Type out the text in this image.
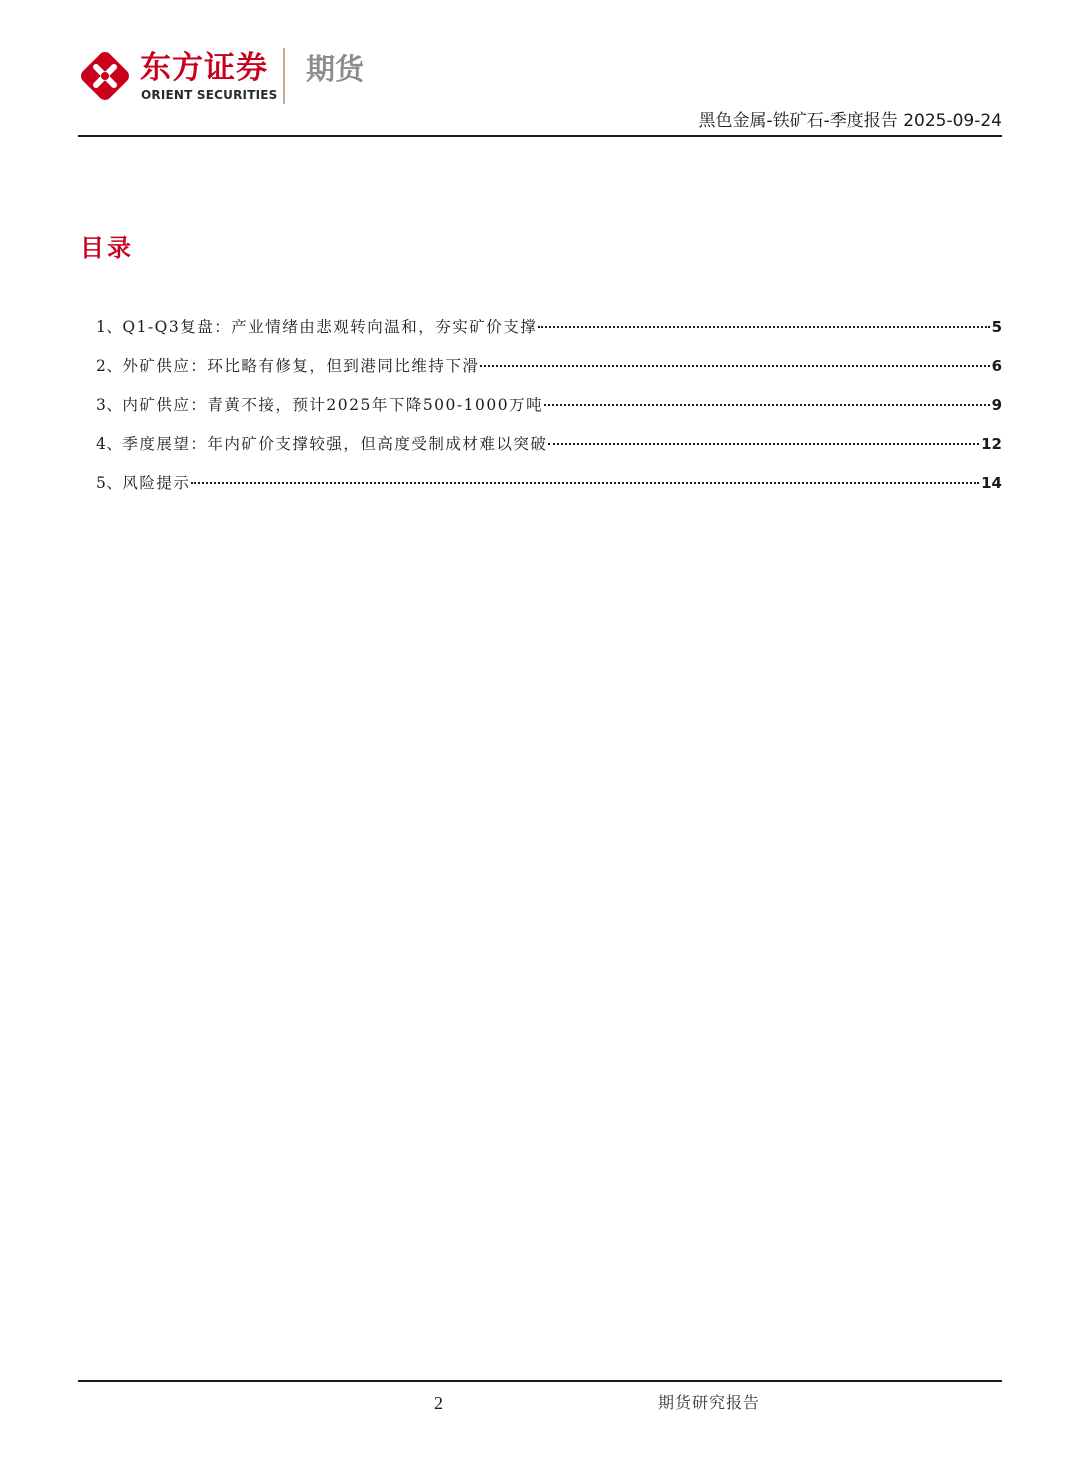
东方证券
ORIENT SECURITIES
期货
黑色金属-铁矿石-季度报告 2025-09-24
目录
1、 Q1-Q3复盘：产业情绪由悲观转向温和，夯实矿价支撑	5
2、 外矿供应：环比略有修复，但到港同比维持下滑	6
3、 内矿供应：青黄不接，预计2025年下降500-1000万吨	9
4、 季度展望：年内矿价支撑较强，但高度受制成材难以突破	12
5、 风险提示	14
2	期货研究报告
